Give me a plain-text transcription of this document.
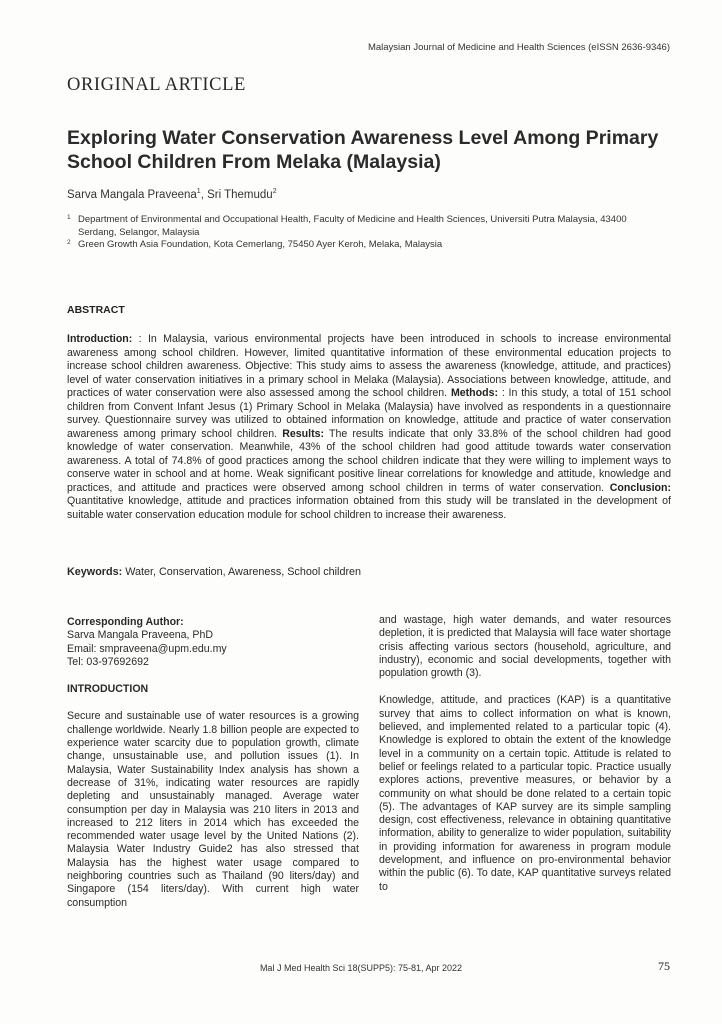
Malaysian Journal of Medicine and Health Sciences (eISSN 2636-9346)
ORIGINAL ARTICLE
Exploring Water Conservation Awareness Level Among Primary School Children From Melaka (Malaysia)
Sarva Mangala Praveena$^1$, Sri Themudu$^2$
1 Department of Environmental and Occupational Health, Faculty of Medicine and Health Sciences, Universiti Putra Malaysia, 43400 Serdang, Selangor, Malaysia
2 Green Growth Asia Foundation, Kota Cemerlang, 75450 Ayer Keroh, Melaka, Malaysia
ABSTRACT
Introduction: : In Malaysia, various environmental projects have been introduced in schools to increase environmental awareness among school children. However, limited quantitative information of these environmental education projects to increase school children awareness. Objective: This study aims to assess the awareness (knowledge, attitude, and practices) level of water conservation initiatives in a primary school in Melaka (Malaysia). Associations between knowledge, attitude, and practices of water conservation were also assessed among the school children. Methods: : In this study, a total of 151 school children from Convent Infant Jesus (1) Primary School in Melaka (Malaysia) have involved as respondents in a questionnaire survey. Questionnaire survey was utilized to obtained information on knowledge, attitude and practice of water conservation awareness among primary school children. Results: The results indicate that only 33.8% of the school children had good knowledge of water conservation. Meanwhile, 43% of the school children had good attitude towards water conservation awareness. A total of 74.8% of good practices among the school children indicate that they were willing to implement ways to conserve water in school and at home. Weak significant positive linear correlations for knowledge and attitude, knowledge and practices, and attitude and practices were observed among school children in terms of water conservation. Conclusion: Quantitative knowledge, attitude and practices information obtained from this study will be translated in the development of suitable water conservation education module for school children to increase their awareness.
Keywords: Water, Conservation, Awareness, School children
Corresponding Author:
Sarva Mangala Praveena, PhD
Email: smpraveena@upm.edu.my
Tel: 03-97692692
INTRODUCTION

Secure and sustainable use of water resources is a growing challenge worldwide. Nearly 1.8 billion people are expected to experience water scarcity due to population growth, climate change, unsustainable use, and pollution issues (1). In Malaysia, Water Sustainability Index analysis has shown a decrease of 31%, indicating water resources are rapidly depleting and unsustainably managed. Average water consumption per day in Malaysia was 210 liters in 2013 and increased to 212 liters in 2014 which has exceeded the recommended water usage level by the United Nations (2). Malaysia Water Industry Guide2 has also stressed that Malaysia has the highest water usage compared to neighboring countries such as Thailand (90 liters/day) and Singapore (154 liters/day). With current high water consumption

and wastage, high water demands, and water resources depletion, it is predicted that Malaysia will face water shortage crisis affecting various sectors (household, agriculture, and industry), economic and social developments, together with population growth (3).

Knowledge, attitude, and practices (KAP) is a quantitative survey that aims to collect information on what is known, believed, and implemented related to a particular topic (4). Knowledge is explored to obtain the extent of the knowledge level in a community on a certain topic. Attitude is related to belief or feelings related to a particular topic. Practice usually explores actions, preventive measures, or behavior by a community on what should be done related to a certain topic (5). The advantages of KAP survey are its simple sampling design, cost effectiveness, relevance in obtaining quantitative information, ability to generalize to wider population, suitability in providing information for awareness in program module development, and influence on pro-environmental behavior within the public (6). To date, KAP quantitative surveys related to

Mal J Med Health Sci 18(SUPP5): 75-81, Apr 2022	75
